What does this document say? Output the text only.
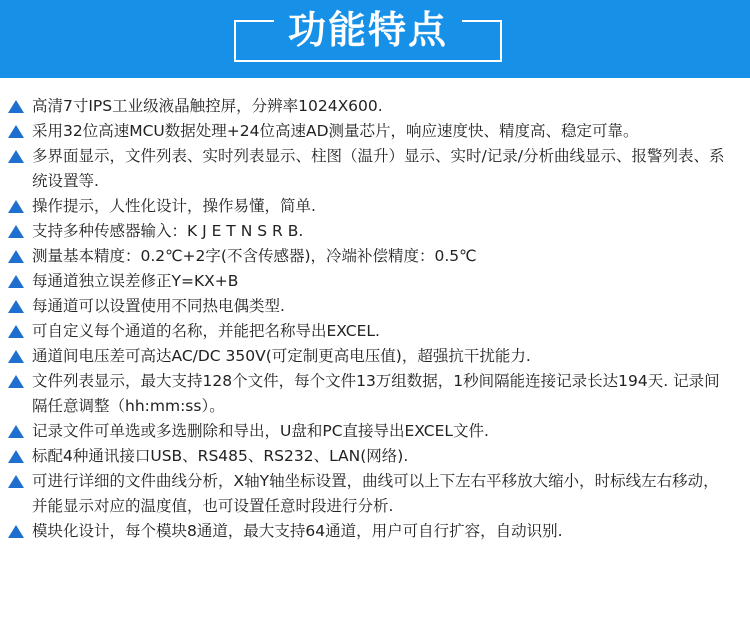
功能特点
高清7寸IPS工业级液晶触控屏，分辨率1024X600.
采用32位高速MCU数据处理+24位高速AD测量芯片，响应速度快、精度高、稳定可靠。
多界面显示，文件列表、实时列表显示、柱图（温升）显示、实时/记录/分析曲线显示、报警列表、系统设置等.
操作提示，人性化设计，操作易懂，简单.
支持多种传感器输入：K J E T N S R B.
测量基本精度：0.2℃+2字(不含传感器)，冷端补偿精度：0.5℃
每通道独立误差修正Y=KX+B
每通道可以设置使用不同热电偶类型.
可自定义每个通道的名称，并能把名称导出EXCEL.
通道间电压差可高达AC/DC 350V(可定制更高电压值)，超强抗干扰能力.
文件列表显示，最大支持128个文件，每个文件13万组数据，1秒间隔能连接记录长达194天. 记录间隔任意调整（hh:mm:ss）。
记录文件可单选或多选删除和导出，U盘和PC直接导出EXCEL文件.
标配4种通讯接口USB、RS485、RS232、LAN(网络).
可进行详细的文件曲线分析，X轴Y轴坐标设置，曲线可以上下左右平移放大缩小，时标线左右移动，并能显示对应的温度值，也可设置任意时段进行分析.
模块化设计，每个模块8通道，最大支持64通道，用户可自行扩容，自动识别.
